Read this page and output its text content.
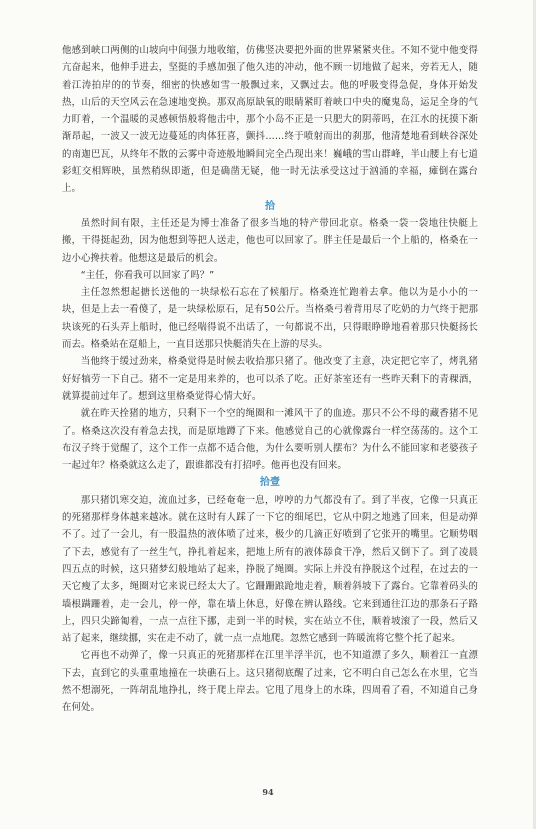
他感到峡口两侧的山坡向中间强力地收缩，仿佛竖决要把外面的世界紧紧夹住。不知不觉中他变得亢奋起来，他伸手进去，坚挺的手感加强了他久违的冲动，他不顾一切地做了起来，旁若无人，随着江涛拍岸的的节奏，细密的快感如雪一般飘过来，又飘过去。他的呼吸变得急促，身体开始发热，山后的天空风云在急速地变换。那双高原缺氧的眼睛紧盯着峡口中央的魔鬼岛，运足全身的气力盯着，一个温暖的灵感顿悟般将他击中，那个小岛不正是一只肥大的阴蒂吗，在江水的抚摸下渐渐昂起，一波又一波无边蔓延的肉体狂喜，颤抖……终于喷射而出的刹那，他清楚地看到峡谷深处的南迦巴瓦，从终年不散的云雾中奇迹般地瞬间完全凸现出来！巍峨的雪山群峰，半山腰上有七道彩虹交相辉映，虽然稍纵即逝，但是确凿无疑，他一时无法承受这过于汹涌的幸福，瘫倒在露台上。

拾

虽然时间有限，主任还是为博士准备了很多当地的特产带回北京。格桑一袋一袋地往快艇上搬，干得挺起劲，因为他想到等把人送走，他也可以回家了。胖主任是最后一个上船的，格桑在一边小心搀扶着。他想这是最后的机会。

“主任，你看我可以回家了吗？”

主任忽然想起搪长送他的一块绿松石忘在了候船厅。格桑连忙跑着去拿。他以为是小小的一块，但是上去一看傻了，是一块绿松原石，足有50公斤。当格桑弓着背用尽了吃奶的力气终于把那块该死的石头弄上船时，他已经喘得说不出话了，一句都说不出，只得眼睁睁地看着那只快艇扬长而去。格桑站在趸船上，一直目送那只快艇消失在上游的尽头。

当他终于缓过劲来，格桑觉得是时候去收拾那只猪了。他改变了主意，决定把它宰了，烤乳猪好好犒劳一下自己。猪不一定是用来养的，也可以杀了吃。正好茶室还有一些昨天剩下的青稞酒，就算提前过年了。想到这里格桑觉得心情大好。

就在昨天拴猪的地方，只剩下一个空的绳圈和一滩风干了的血迹。那只不公不母的藏香猪不见了。格桑这次没有着急去找，而是原地蹲了下来。他感觉自己的心就像露台一样空荡荡的。这个工布汉子终于觉醒了，这个工作一点都不适合他，为什么要听别人摆布？为什么不能回家和老婆孩子一起过年？格桑就这么走了，跟谁都没有打招呼。他再也没有回来。

拾壹

那只猪饥寒交迫，流血过多，已经奄奄一息，哼哼的力气都没有了。到了半夜，它像一只真正的死猪那样身体越来越冰。就在这时有人踩了一下它的细尾巴，它从中阴之地逃了回来，但是动弹不了。过了一会儿，有一股温热的液体喷了过来，极少的几滴正好喷到了它张开的嘴里。它顺势咽了下去，感觉有了一丝生气，挣扎着起来，把地上所有的液体舔食干净，然后又倒下了。到了凌晨四五点的时候，这只猪梦幻般地站了起来，挣脱了绳圈。实际上并没有挣脱这个过程，在过去的一天它瘦了太多，绳圈对它来说已经太大了。它跚跚踉跄地走着，顺着斜坡下了露台。它靠着码头的墙根蹒跚着，走一会儿，停一停，靠在墙上休息，好像在辨认路线。它来到通往江边的那条石子路上，四只尖蹄匍着，一点一点往下挪，走到一半的时候，实在站立不住，顺着坡滚了一段，然后又站了起来，继续挪，实在走不动了，就一点一点地爬。忽然它感到一阵暖流将它整个托了起来。

它再也不动弹了，像一只真正的死猪那样在江里半浮半沉，也不知道漂了多久，顺着江一直漂下去，直到它的头重重地撞在一块礁石上。这只猪彻底醒了过来，它不明白自己怎么在水里，它当然不想溺死，一阵胡乱地挣扎，终于爬上岸去。它甩了甩身上的水珠，四周看了看，不知道自己身在何处。

94
